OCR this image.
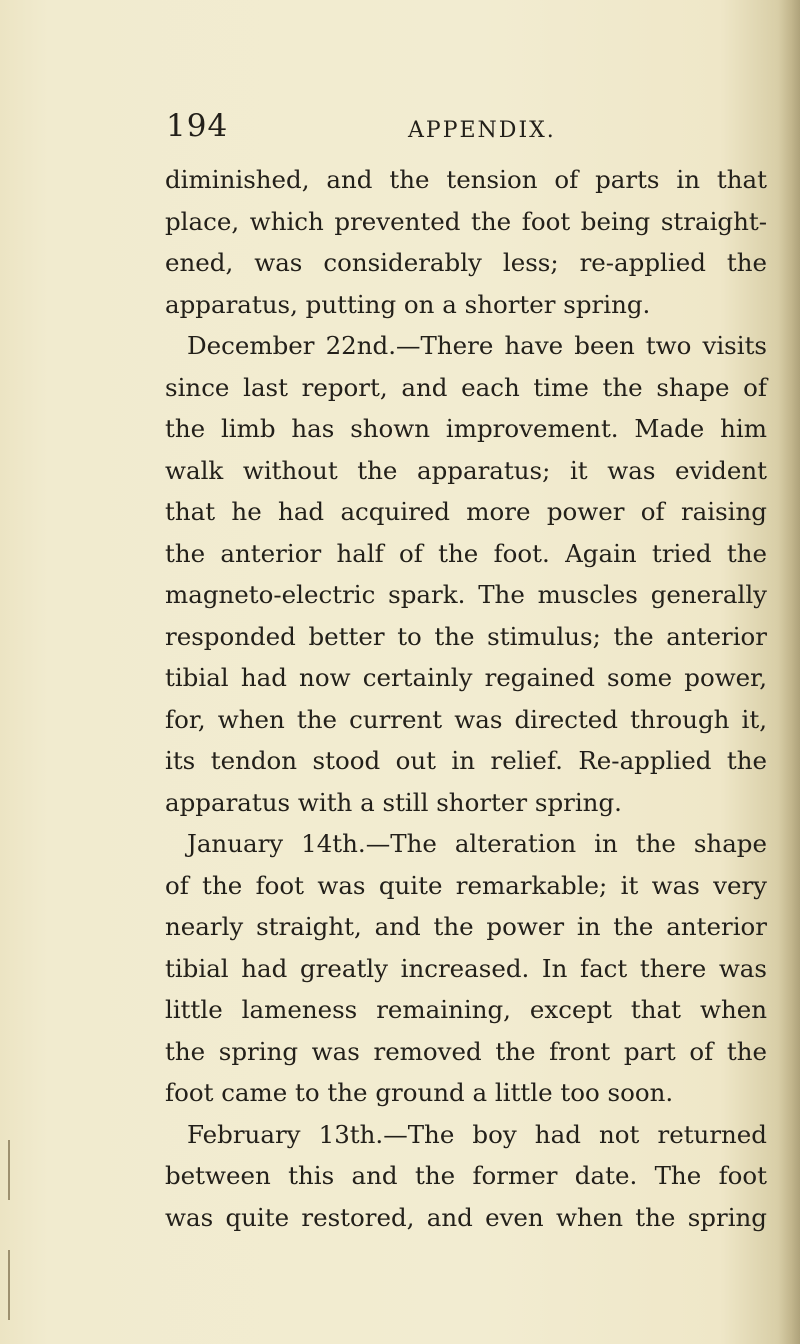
194	APPENDIX.
diminished, and the tension of parts in that
place, which prevented the foot being straight-
ened, was considerably less; re-applied the
apparatus, putting on a shorter spring.
December 22nd.—There have been two visits
since last report, and each time the shape of
the limb has shown improvement. Made him
walk without the apparatus; it was evident
that he had acquired more power of raising
the anterior half of the foot. Again tried the
magneto-electric spark. The muscles generally
responded better to the stimulus; the anterior
tibial had now certainly regained some power,
for, when the current was directed through it,
its tendon stood out in relief. Re-applied the
apparatus with a still shorter spring.
January 14th.—The alteration in the shape
of the foot was quite remarkable; it was very
nearly straight, and the power in the anterior
tibial had greatly increased. In fact there was
little lameness remaining, except that when
the spring was removed the front part of the
foot came to the ground a little too soon.
February 13th.—The boy had not returned
between this and the former date. The foot
was quite restored, and even when the spring
